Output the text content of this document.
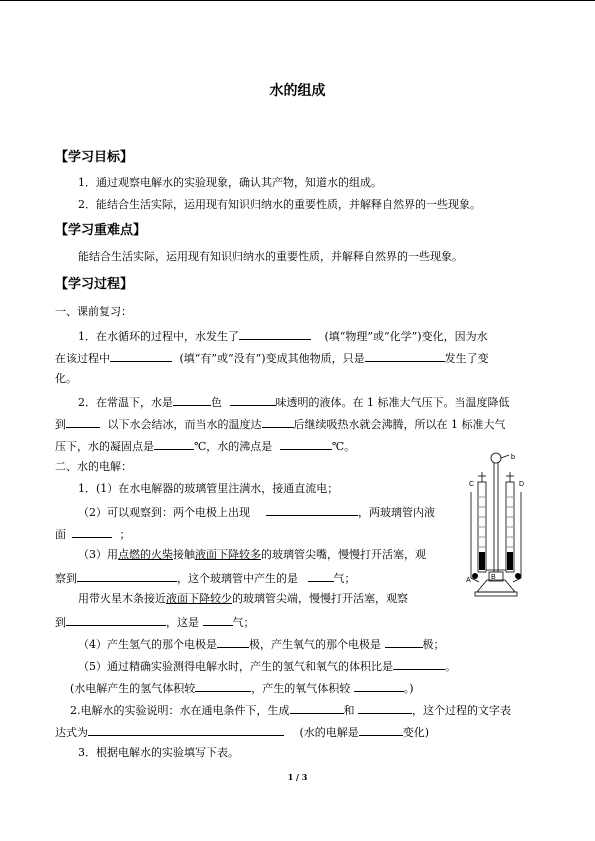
水的组成
【学习目标】
1．通过观察电解水的实验现象，确认其产物，知道水的组成。
2．能结合生活实际，运用现有知识归纳水的重要性质，并解释自然界的一些现象。
【学习重难点】
能结合生活实际，运用现有知识归纳水的重要性质，并解释自然界的一些现象。
【学习过程】
一、课前复习：
1．在水循环的过程中，水发生了	(填“物理”或“化学”)变化，因为水
在该过程中	(填“有”或“没有”)变成其他物质，只是	发生了变
化。
2．在常温下，水是	色	味透明的液体。在 1 标准大气压下。当温度降低
到	以下水会结冰，而当水的温度达	后继续吸热水就会沸腾，所以在 1 标准大气
压下，水的凝固点是	℃，水的沸点是	℃。
二、水的电解：
1．(1）在水电解器的玻璃管里注满水，接通直流电；
（2）可以观察到：两个电极上出现	，两玻璃管内液
面	；
（3）用点燃的火柴接触液面下降较多的玻璃管尖嘴，慢慢打开活塞，观
察到	，这个玻璃管中产生的是	气；
用带火星木条接近液面下降较少的玻璃管尖端，慢慢打开活塞，观察
到	，这是	气；
（4）产生氢气的那个电极是	极，产生氧气的那个电极是	极；
（5）通过精确实验测得电解水时，产生的氢气和氧气的体积比是	。
(水电解产生的氢气体积较	，产生的氧气体积较	。)
2.电解水的实验说明：水在通电条件下，生成	和	，这个过程的文字表
达式为	(水的电解是	变化)
3．根据电解水的实验填写下表。
b
C	D
A	B
1 / 3
